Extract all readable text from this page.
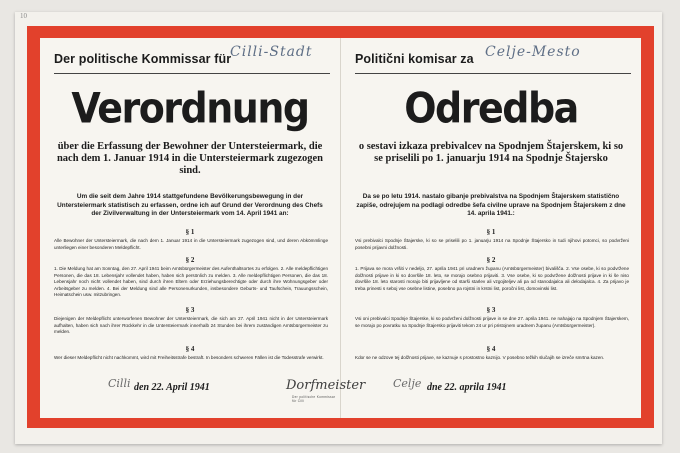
10
Der politische Kommissar für
Cilli-Stadt
Verordnung
über die Erfassung der Bewohner der Untersteiermark, die nach dem 1. Januar 1914 in die Untersteiermark zugezogen sind.
Um die seit dem Jahre 1914 stattgefundene Bevölkerungsbewegung in der Untersteiermark statistisch zu erfassen, ordne ich auf Grund der Verordnung des Chefs der Zivilverwaltung in der Untersteiermark vom 14. April 1941 an:
§ 1
Alle Bewohner der Untersteiermark, die nach dem 1. Januar 1914 in die Untersteiermark zugezogen sind, und deren Abkömmlinge unterliegen einer besonderen Meldepflicht.
§ 2
1. Die Meldung hat am Sonntag, den 27. April 1941 beim Amtsbürgermeister des Aufenthaltsortes zu erfolgen. 2. Alle meldepflichtigen Personen, die das 18. Lebensjahr vollendet haben, haben sich persönlich zu melden. 3. Alle meldepflichtigen Personen, die das 18. Lebensjahr noch nicht vollendet haben, sind durch ihren Eltern oder Erziehungsberechtigte oder durch ihre Wohnungsgeber oder Arbeitsgeber zu melden. 4. Bei der Meldung sind alle Personenurkunden, insbesondere Geburts- und Taufschein, Trauungsschein, Heimatschein usw. mitzubringen.
§ 3
Diejenigen der Meldepflicht unterworfenen Bewohner der Untersteiermark, die sich am 27. April 1941 nicht in der Untersteiermark aufhalten, haben sich nach ihrer Rückkehr in die Untersteiermark innerhalb 24 Stunden bei ihrem zuständigen Amtsbürgermeister zu melden.
§ 4
Wer dieser Meldepflicht nicht nachkommt, wird mit Freiheitsstrafe bestraft. In besonders schweren Fällen ist die Todesstrafe verwirkt.
Cilli den 22. April 1941	Dorfmeister
Der politische Kommissar für Cilli
Politični komisar za Celje-Mesto
Odredba
o sestavi izkaza prebivalcev na Spodnjem Štajerskem, ki so se priselili po 1. januarju 1914 na Spodnje Štajersko
Da se po letu 1914. nastalo gibanje prebivalstva na Spodnjem Štajerskem statistično zapiše, odrejujem na podlagi odredbe šefa civilne uprave na Spodnjem Štajerskem z dne 14. aprila 1941.:
§ 1
Vsi prebivalci Spodnje Štajerske, ki so se priselili po 1. januarju 1914 na Spodnje Štajersko in tudi njihovi potomci, so podvrženi posebni prijavni dolžnosti.
§ 2
1. Prijava se mora vršiti v nedeljo, 27. aprila 1941 pri uradnem županu (Amtsbürgermeister) bivališča. 2. Vse osebe, ki so podvržene dolžnosti prijave in ki so dovršile 18. leto, se morajo osebno prijaviti. 3. Vse osebe, ki so podvržene dolžnosti prijave in ki še niso dovršile 18. leto starosti morajo biti prijavljene od starši starlev ali vzgojiteljev ali pa od stanodajalca ali delodajalca. 4. Za prijavo je treba prinesti s seboj vse osebne listine, posebno pa rojstni in krstni list, poročni list, domovinski list.
§ 3
Vsi oni prebivalci Spodnje Štajerske, ki so podvrženi dolžnosti prijave in se dne 27. aprila 1941. ne nahajajo na Spodnjem Štajerskem, se morajo po povratku na Spodnje Štajersko prijaviti tekom 24 ur pri pristojnem uradnem županu (Amtsbürgermeister).
§ 4
Kdor se ne odzove tej dolžnosti prijave, se kaznuje s prostostno kaznijo. V posebno težkih slučajih se izreče smrtna kazen.
Celje dne 22. aprila 1941
